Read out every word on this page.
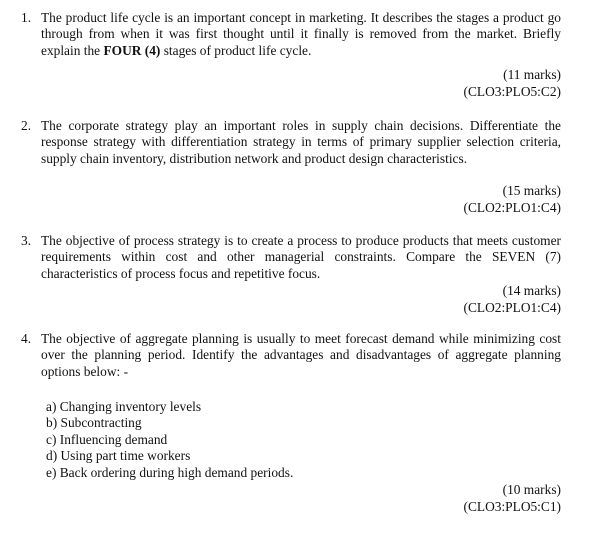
1. The product life cycle is an important concept in marketing. It describes the stages a product go through from when it was first thought until it finally is removed from the market. Briefly explain the FOUR (4) stages of product life cycle.
(11 marks)
(CLO3:PLO5:C2)
2. The corporate strategy play an important roles in supply chain decisions. Differentiate the response strategy with differentiation strategy in terms of primary supplier selection criteria, supply chain inventory, distribution network and product design characteristics.
(15 marks)
(CLO2:PLO1:C4)
3. The objective of process strategy is to create a process to produce products that meets customer requirements within cost and other managerial constraints. Compare the SEVEN (7) characteristics of process focus and repetitive focus.
(14 marks)
(CLO2:PLO1:C4)
4. The objective of aggregate planning is usually to meet forecast demand while minimizing cost over the planning period. Identify the advantages and disadvantages of aggregate planning options below: -
a) Changing inventory levels
b) Subcontracting
c) Influencing demand
d) Using part time workers
e) Back ordering during high demand periods.
(10 marks)
(CLO3:PLO5:C1)
